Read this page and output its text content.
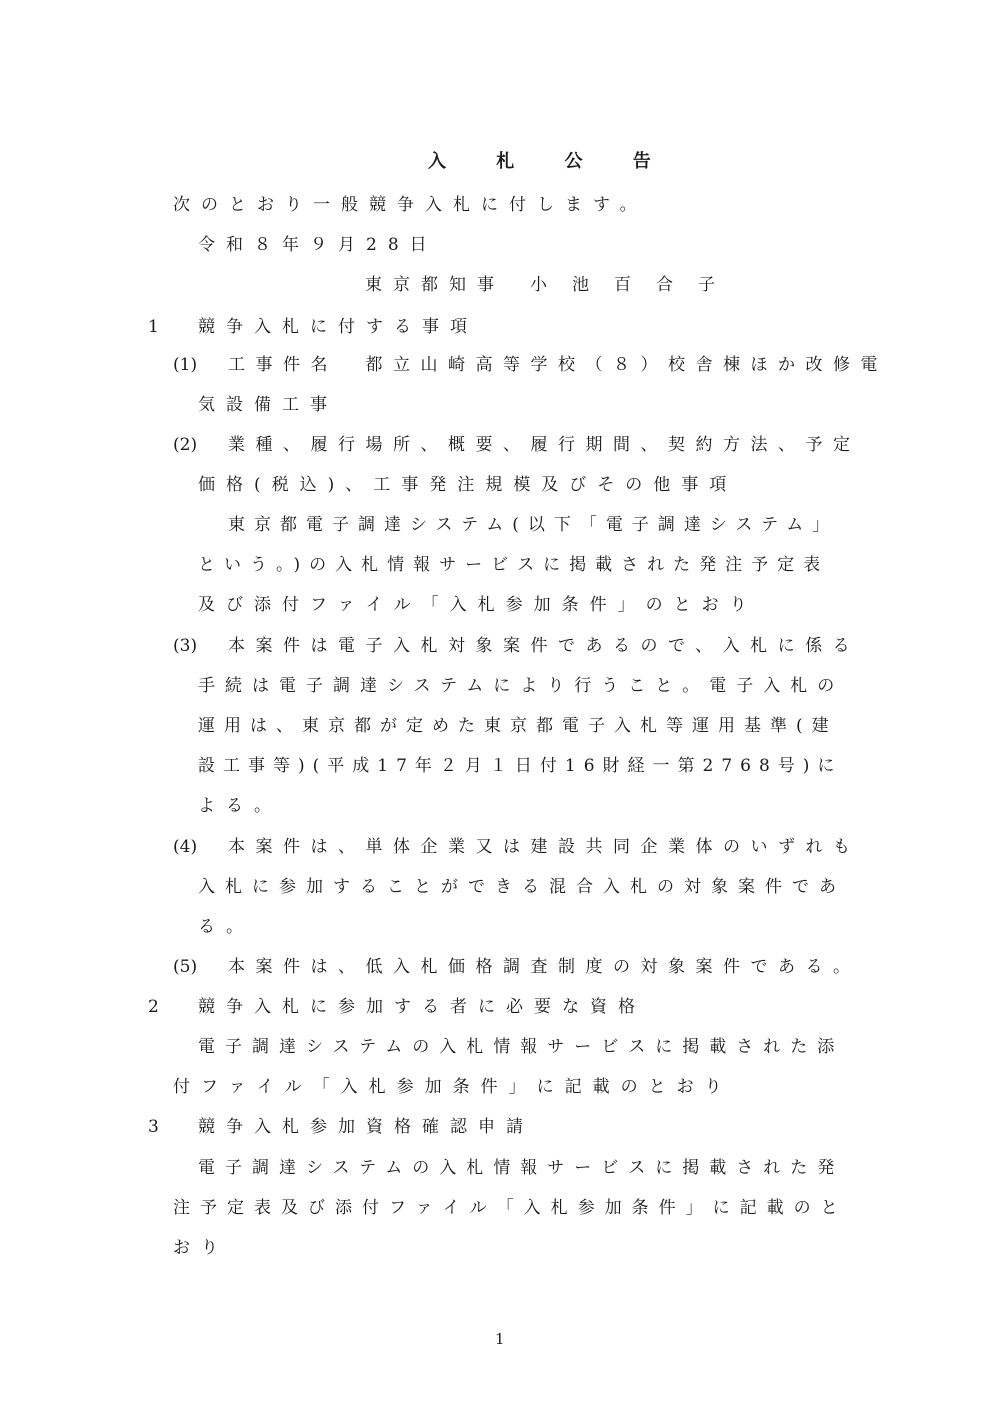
入 札 公 告
次のとおり一般競争入札に付します。
令和８年９月28日
東京都知事 小　池　百　合　子
1 競争入札に付する事項
(1) 工事件名　都立山崎高等学校（８）校舎棟ほか改修電
気設備工事
(2) 業種、履行場所、概要、履行期間、契約方法、予定
価格(税込)、工事発注規模及びその他事項
東京都電子調達システム(以下「電子調達システム」
という。)の入札情報サービスに掲載された発注予定表
及び添付ファイル「入札参加条件」のとおり
(3) 本案件は電子入札対象案件であるので、入札に係る
手続は電子調達システムにより行うこと。電子入札の
運用は、東京都が定めた東京都電子入札等運用基準(建
設工事等)(平成17年２月１日付16財経一第2768号)に
よる。
(4) 本案件は、単体企業又は建設共同企業体のいずれも
入札に参加することができる混合入札の対象案件であ
る。
(5) 本案件は、低入札価格調査制度の対象案件である。
2 競争入札に参加する者に必要な資格
電子調達システムの入札情報サービスに掲載された添
付ファイル「入札参加条件」に記載のとおり
3 競争入札参加資格確認申請
電子調達システムの入札情報サービスに掲載された発
注予定表及び添付ファイル「入札参加条件」に記載のと
おり
1
